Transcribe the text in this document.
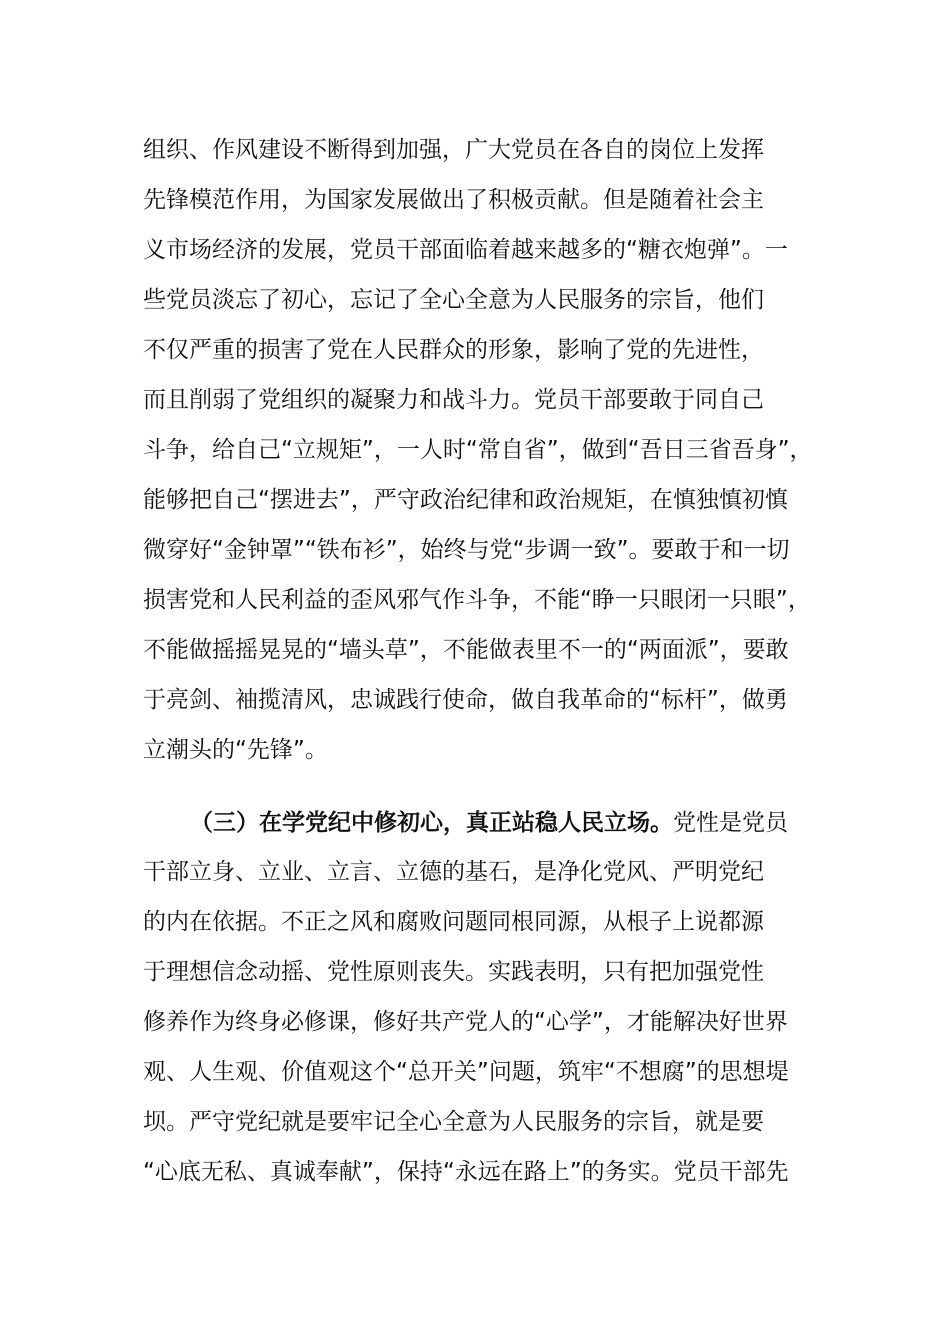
组织、作风建设不断得到加强，广大党员在各自的岗位上发挥
先锋模范作用，为国家发展做出了积极贡献。但是随着社会主
义市场经济的发展，党员干部面临着越来越多的“糖衣炮弹”。一
些党员淡忘了初心，忘记了全心全意为人民服务的宗旨，他们
不仅严重的损害了党在人民群众的形象，影响了党的先进性，
而且削弱了党组织的凝聚力和战斗力。党员干部要敢于同自己
斗争，给自己“立规矩”，一人时“常自省”，做到“吾日三省吾身”，
能够把自己“摆进去”，严守政治纪律和政治规矩，在慎独慎初慎
微穿好“金钟罩”“铁布衫”，始终与党“步调一致”。要敢于和一切
损害党和人民利益的歪风邪气作斗争，不能“睁一只眼闭一只眼”，
不能做摇摇晃晃的“墙头草”，不能做表里不一的“两面派”，要敢
于亮剑、袖揽清风，忠诚践行使命，做自我革命的“标杆”，做勇
立潮头的“先锋”。
（三）在学党纪中修初心，真正站稳人民立场。党性是党员
干部立身、立业、立言、立德的基石，是净化党风、严明党纪
的内在依据。不正之风和腐败问题同根同源，从根子上说都源
于理想信念动摇、党性原则丧失。实践表明，只有把加强党性
修养作为终身必修课，修好共产党人的“心学”，才能解决好世界
观、人生观、价值观这个“总开关”问题，筑牢“不想腐”的思想堤
坝。严守党纪就是要牢记全心全意为人民服务的宗旨，就是要
“心底无私、真诚奉献”，保持“永远在路上”的务实。党员干部先
